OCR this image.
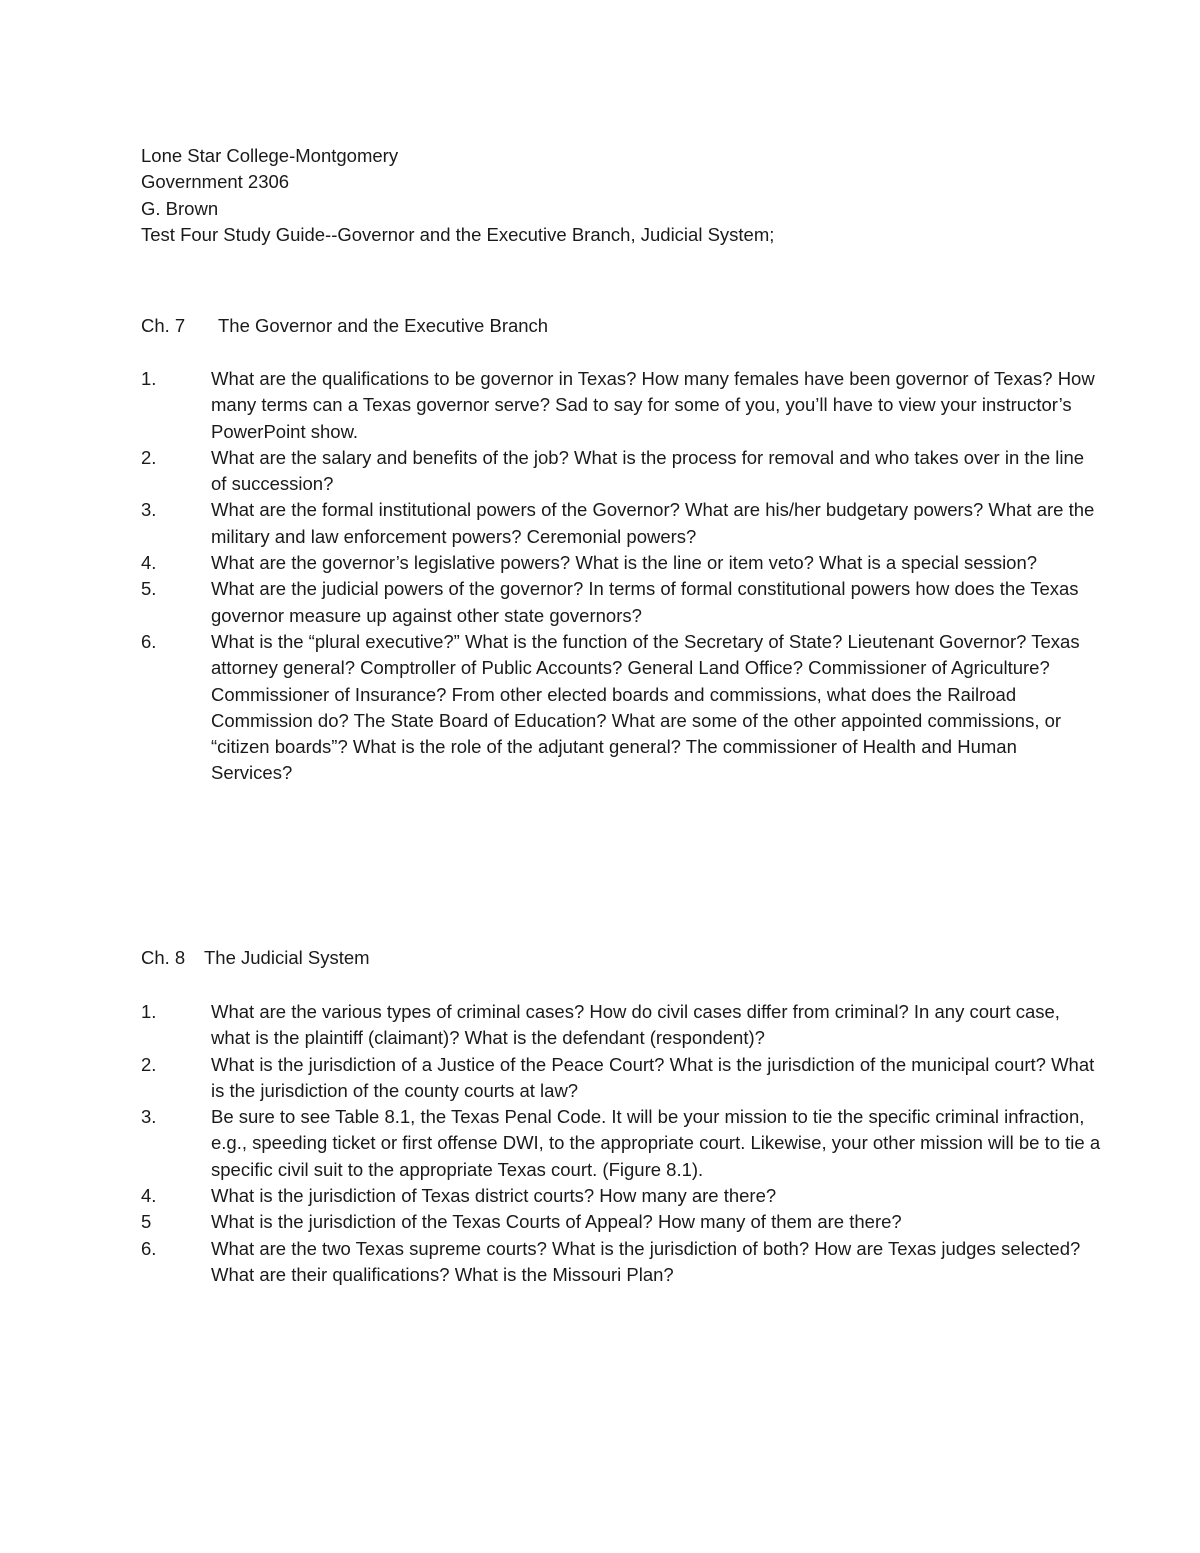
Lone Star College-Montgomery
Government 2306
G. Brown
Test Four Study Guide--Governor and the Executive Branch, Judicial System;
Ch. 7 The Governor and the Executive Branch
1.	What are the qualifications to be governor in Texas? How many females have been governor of Texas? How many terms can a Texas governor serve? Sad to say for some of you, you’ll have to view your instructor’s PowerPoint show.
2.	What are the salary and benefits of the job? What is the process for removal and who takes over in the line of succession?
3.	What are the formal institutional powers of the Governor? What are his/her budgetary powers? What are the military and law enforcement powers? Ceremonial powers?
4.	What are the governor’s legislative powers? What is the line or item veto? What is a special session?
5.	What are the judicial powers of the governor? In terms of formal constitutional powers how does the Texas governor measure up against other state governors?
6.	What is the “plural executive?” What is the function of the Secretary of State? Lieutenant Governor? Texas attorney general? Comptroller of Public Accounts? General Land Office? Commissioner of Agriculture? Commissioner of Insurance? From other elected boards and commissions, what does the Railroad Commission do? The State Board of Education? What are some of the other appointed commissions, or “citizen boards”? What is the role of the adjutant general? The commissioner of Health and Human Services?
Ch. 8 The Judicial System
1.	What are the various types of criminal cases? How do civil cases differ from criminal? In any court case, what is the plaintiff (claimant)? What is the defendant (respondent)?
2.	What is the jurisdiction of a Justice of the Peace Court? What is the jurisdiction of the municipal court? What is the jurisdiction of the county courts at law?
3.	Be sure to see Table 8.1, the Texas Penal Code. It will be your mission to tie the specific criminal infraction, e.g., speeding ticket or first offense DWI, to the appropriate court. Likewise, your other mission will be to tie a specific civil suit to the appropriate Texas court. (Figure 8.1).
4.	What is the jurisdiction of Texas district courts? How many are there?
5	What is the jurisdiction of the Texas Courts of Appeal? How many of them are there?
6.	What are the two Texas supreme courts? What is the jurisdiction of both? How are Texas judges selected? What are their qualifications? What is the Missouri Plan?
